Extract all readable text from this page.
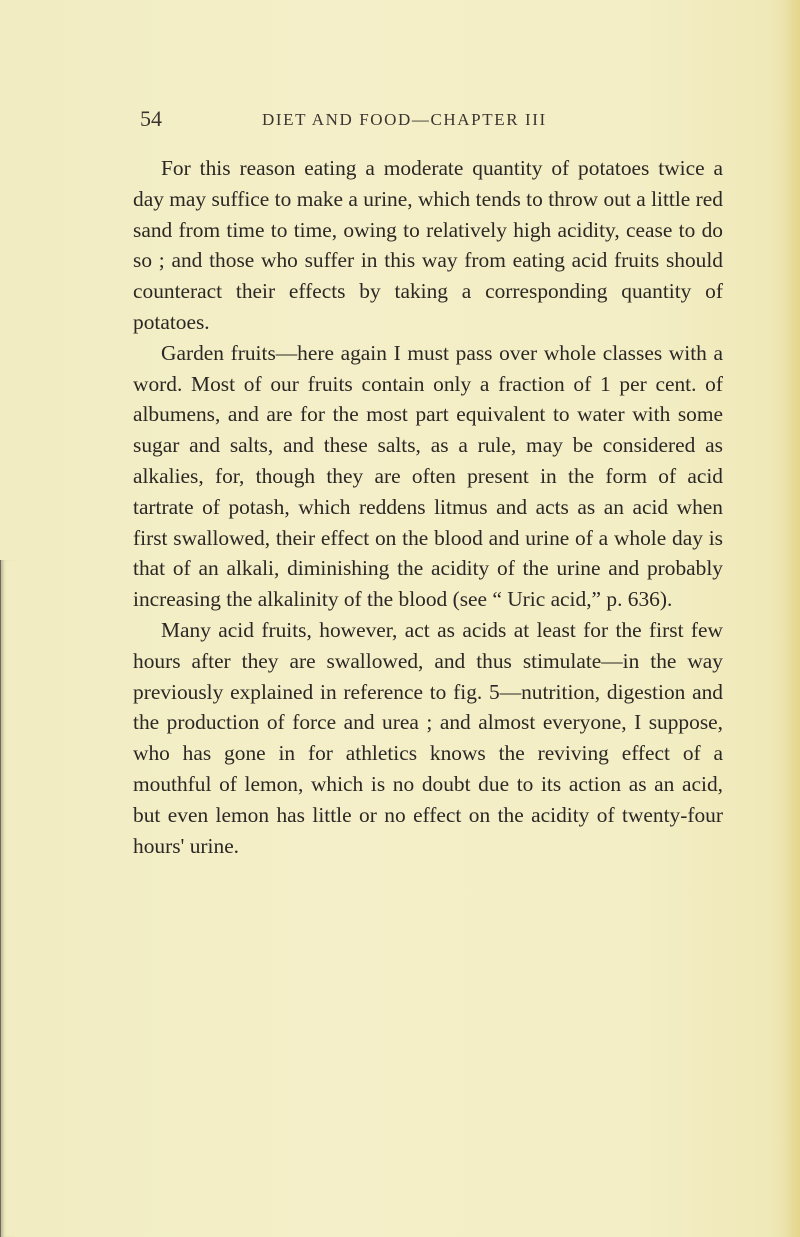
54	DIET AND FOOD—CHAPTER III

For this reason eating a moderate quantity of potatoes twice a day may suffice to make a urine, which tends to throw out a little red sand from time to time, owing to relatively high acidity, cease to do so ; and those who suffer in this way from eating acid fruits should counteract their effects by taking a corresponding quantity of potatoes.

Garden fruits—here again I must pass over whole classes with a word. Most of our fruits contain only a fraction of 1 per cent. of albumens, and are for the most part equivalent to water with some sugar and salts, and these salts, as a rule, may be considered as alkalies, for, though they are often present in the form of acid tartrate of potash, which reddens litmus and acts as an acid when first swallowed, their effect on the blood and urine of a whole day is that of an alkali, diminishing the acidity of the urine and probably increasing the alkalinity of the blood (see “ Uric acid,” p. 636).

Many acid fruits, however, act as acids at least for the first few hours after they are swallowed, and thus stimulate—in the way previously explained in reference to fig. 5—nutrition, digestion and the production of force and urea ; and almost everyone, I suppose, who has gone in for athletics knows the reviving effect of a mouthful of lemon, which is no doubt due to its action as an acid, but even lemon has little or no effect on the acidity of twenty-four hours' urine.
